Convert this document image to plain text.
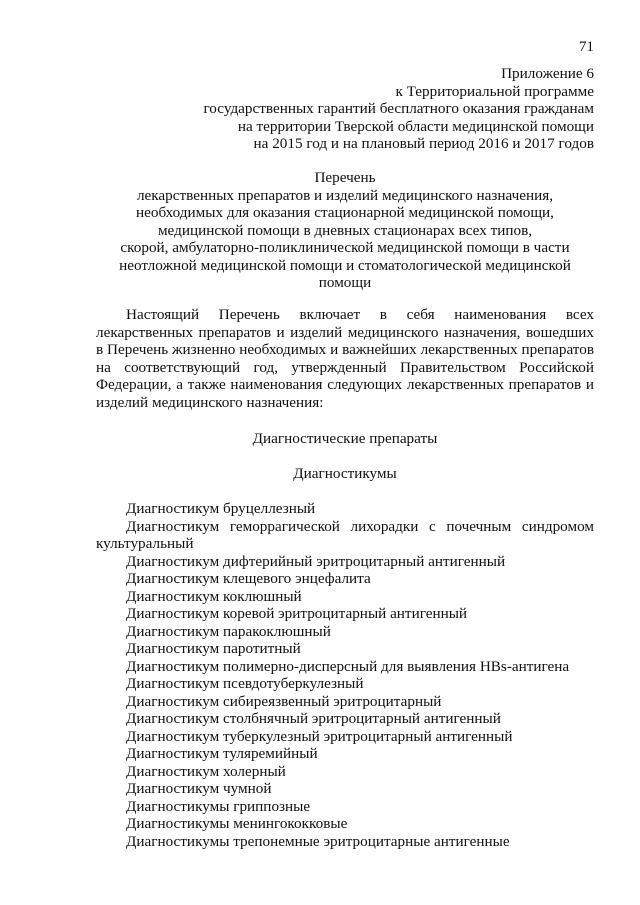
71
Приложение 6
к Территориальной программе
государственных гарантий бесплатного оказания гражданам
на территории Тверской области медицинской помощи
на 2015 год и на плановый период 2016 и 2017 годов
Перечень
лекарственных препаратов и изделий медицинского назначения,
необходимых для оказания стационарной медицинской помощи,
медицинской помощи в дневных стационарах всех типов,
скорой, амбулаторно-поликлинической медицинской помощи в части
неотложной медицинской помощи и стоматологической медицинской
помощи
Настоящий Перечень включает в себя наименования всех лекарственных препаратов и изделий медицинского назначения, вошедших в Перечень жизненно необходимых и важнейших лекарственных препаратов на соответствующий год, утвержденный Правительством Российской Федерации, а также наименования следующих лекарственных препаратов и изделий медицинского назначения:
Диагностические препараты
Диагностикумы
Диагностикум бруцеллезный
Диагностикум геморрагической лихорадки с почечным синдромом культуральный
Диагностикум дифтерийный эритроцитарный антигенный
Диагностикум клещевого энцефалита
Диагностикум коклюшный
Диагностикум коревой эритроцитарный антигенный
Диагностикум паракоклюшный
Диагностикум паротитный
Диагностикум полимерно-дисперсный для выявления HBs-антигена
Диагностикум псевдотуберкулезный
Диагностикум сибиреязвенный эритроцитарный
Диагностикум столбнячный эритроцитарный антигенный
Диагностикум туберкулезный эритроцитарный антигенный
Диагностикум туляремийный
Диагностикум холерный
Диагностикум чумной
Диагностикумы гриппозные
Диагностикумы менингококковые
Диагностикумы трепонемные эритроцитарные антигенные
